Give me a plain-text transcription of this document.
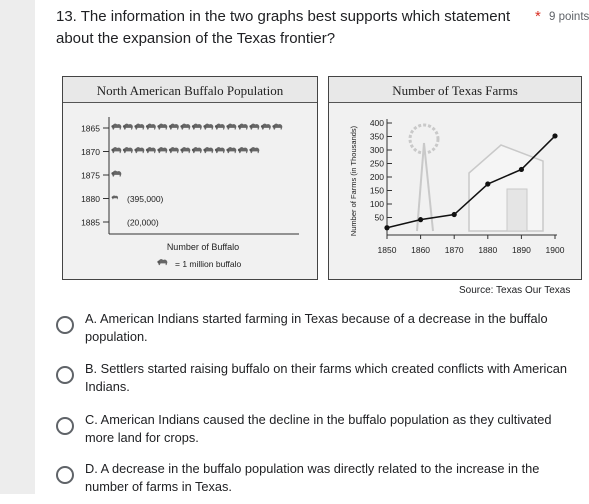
13. The information in the two graphs best supports which statement about the expansion of the Texas frontier?
* 9 points
North American Buffalo Population
1865
1870
1875
1880	(395,000)
1885	(20,000)
Number of Buffalo
= 1 million buffalo
Number of Texas Farms
50
100
150
200
250
300
350
400
1850 1860 1870 1880 1890 1900
Number of Farms (in Thousands)
Source: Texas Our Texas
A. American Indians started farming in Texas because of a decrease in the buffalo population.
B. Settlers started raising buffalo on their farms which created conflicts with American Indians.
C. American Indians caused the decline in the buffalo population as they cultivated more land for crops.
D. A decrease in the buffalo population was directly related to the increase in the number of farms in Texas.
